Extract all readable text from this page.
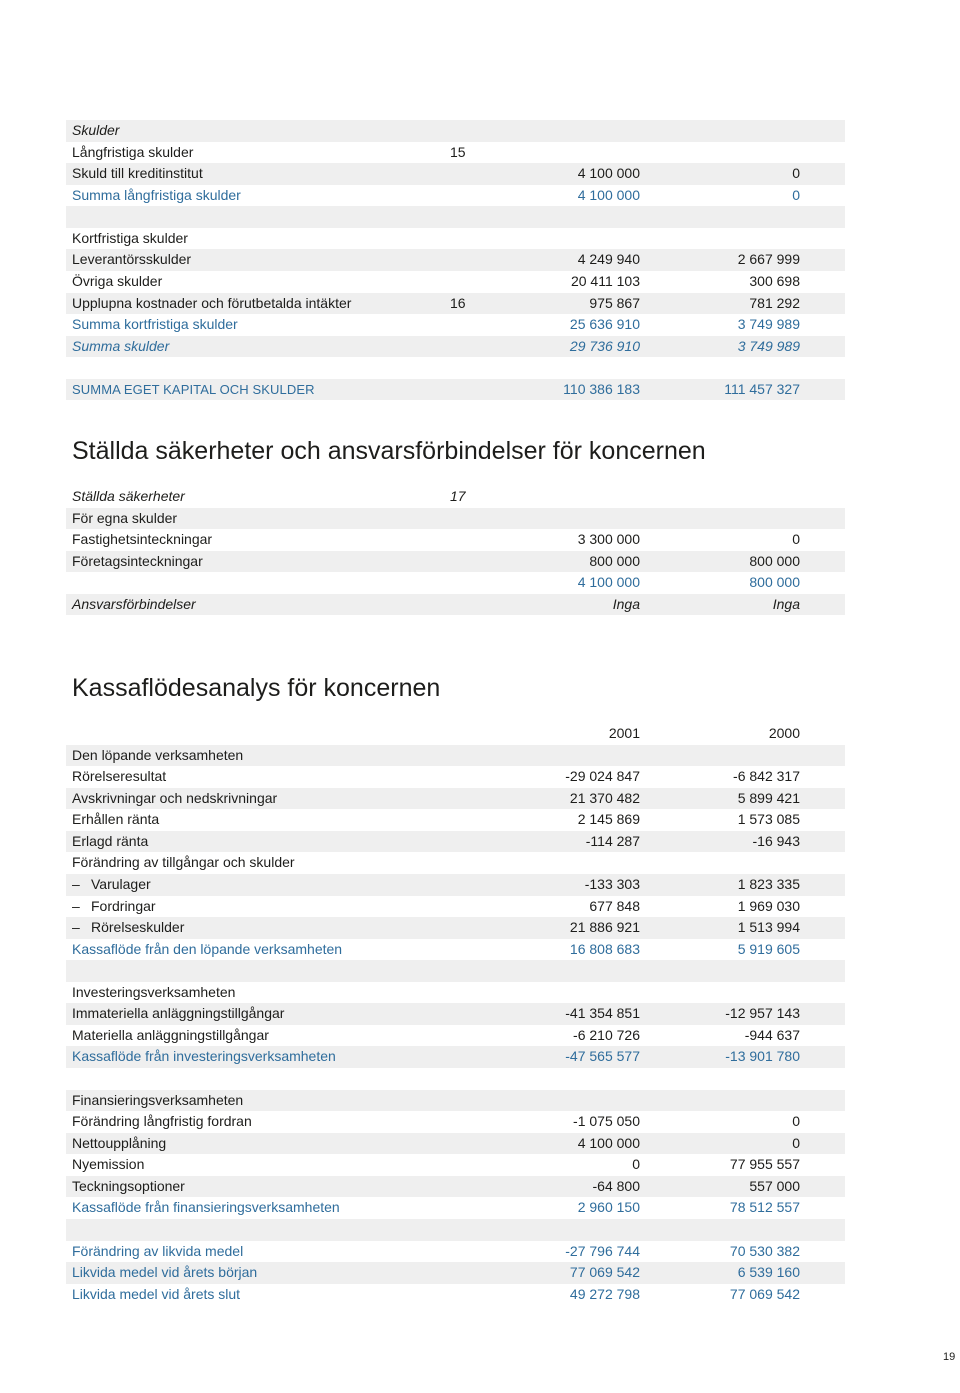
Skulder
Långfristiga skulder	15
Skuld till kreditinstitut	4 100 000	0
Summa långfristiga skulder	4 100 000	0
Kortfristiga skulder
Leverantörsskulder	4 249 940	2 667 999
Övriga skulder	20 411 103	300 698
Upplupna kostnader och förutbetalda intäkter	16	975 867	781 292
Summa kortfristiga skulder	25 636 910	3 749 989
Summa skulder	29 736 910	3 749 989
SUMMA EGET KAPITAL OCH SKULDER	110 386 183	111 457 327
Ställda säkerheter och ansvarsförbindelser för koncernen
Ställda säkerheter	17
För egna skulder
Fastighetsinteckningar	3 300 000	0
Företagsinteckningar	800 000	800 000
4 100 000	800 000
Ansvarsförbindelser	Inga	Inga
Kassaflödesanalys för koncernen
2001	2000
Den löpande verksamheten
Rörelseresultat	-29 024 847	-6 842 317
Avskrivningar och nedskrivningar	21 370 482	5 899 421
Erhållen ränta	2 145 869	1 573 085
Erlagd ränta	-114 287	-16 943
Förändring av tillgångar och skulder
– Varulager	-133 303	1 823 335
– Fordringar	677 848	1 969 030
– Rörelseskulder	21 886 921	1 513 994
Kassaflöde från den löpande verksamheten	16 808 683	5 919 605
Investeringsverksamheten
Immateriella anläggningstillgångar	-41 354 851	-12 957 143
Materiella anläggningstillgångar	-6 210 726	-944 637
Kassaflöde från investeringsverksamheten	-47 565 577	-13 901 780
Finansieringsverksamheten
Förändring långfristig fordran	-1 075 050	0
Nettoupplåning	4 100 000	0
Nyemission	0	77 955 557
Teckningsoptioner	-64 800	557 000
Kassaflöde från finansieringsverksamheten	2 960 150	78 512 557
Förändring av likvida medel	-27 796 744	70 530 382
Likvida medel vid årets början	77 069 542	6 539 160
Likvida medel vid årets slut	49 272 798	77 069 542
19
